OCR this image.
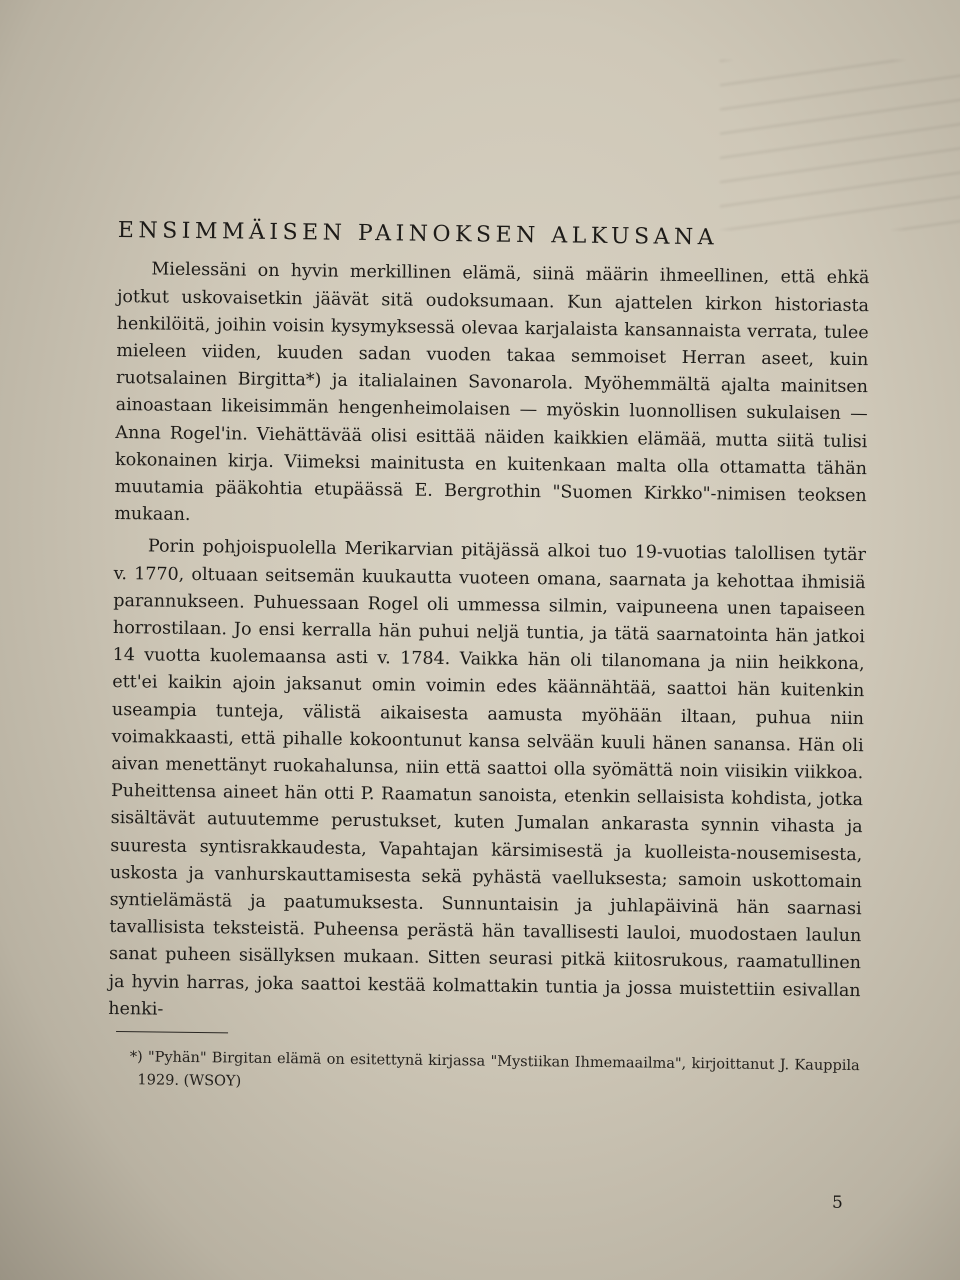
ENSIMMÄISEN PAINOKSEN ALKUSANA

Mielessäni on hyvin merkillinen elämä, siinä määrin ihmeellinen, että ehkä jotkut uskovaisetkin jäävät sitä oudoksumaan. Kun ajattelen kirkon historiasta henkilöitä, joihin voisin kysymyksessä olevaa karjalaista kansannaista verrata, tulee mieleen viiden, kuuden sadan vuoden takaa semmoiset Herran aseet, kuin ruotsalainen Birgitta*) ja italialainen Savonarola. Myöhemmältä ajalta mainitsen ainoastaan likeisimmän hengenheimolaisen — myöskin luonnollisen sukulaisen — Anna Rogel'in. Viehättävää olisi esittää näiden kaikkien elämää, mutta siitä tulisi kokonainen kirja. Viimeksi mainitusta en kuitenkaan malta olla ottamatta tähän muutamia pääkohtia etupäässä E. Bergrothin "Suomen Kirkko"-nimisen teoksen mukaan.

Porin pohjoispuolella Merikarvian pitäjässä alkoi tuo 19-vuotias talollisen tytär v. 1770, oltuaan seitsemän kuukautta vuoteen omana, saarnata ja kehottaa ihmisiä parannukseen. Puhuessaan Rogel oli ummessa silmin, vaipuneena unen tapaiseen horrostilaan. Jo ensi kerralla hän puhui neljä tuntia, ja tätä saarnatointa hän jatkoi 14 vuotta kuolemaansa asti v. 1784. Vaikka hän oli tilanomana ja niin heikkona, ett'ei kaikin ajoin jaksanut omin voimin edes käännähtää, saattoi hän kuitenkin useampia tunteja, välistä aikaisesta aamusta myöhään iltaan, puhua niin voimakkaasti, että pihalle kokoontunut kansa selvään kuuli hänen sanansa. Hän oli aivan menettänyt ruokahalunsa, niin että saattoi olla syömättä noin viisikin viikkoa. Puheittensa aineet hän otti P. Raamatun sanoista, etenkin sellaisista kohdista, jotka sisältävät autuutemme perustukset, kuten Jumalan ankarasta synnin vihasta ja suuresta syntisrakkaudesta, Vapahtajan kärsimisestä ja kuolleista-nousemisesta, uskosta ja vanhurskauttamisesta sekä pyhästä vaelluksesta; samoin uskottomain syntielämästä ja paatumuksesta. Sunnuntaisin ja juhlapäivinä hän saarnasi tavallisista teksteistä. Puheensa perästä hän tavallisesti lauloi, muodostaen laulun sanat puheen sisällyksen mukaan. Sitten seurasi pitkä kiitosrukous, raamatullinen ja hyvin harras, joka saattoi kestää kolmattakin tuntia ja jossa muistettiin esivallan henki-

*) "Pyhän" Birgitan elämä on esitettynä kirjassa "Mystiikan Ihmemaailma", kirjoittanut J. Kauppila 1929. (WSOY)

5
